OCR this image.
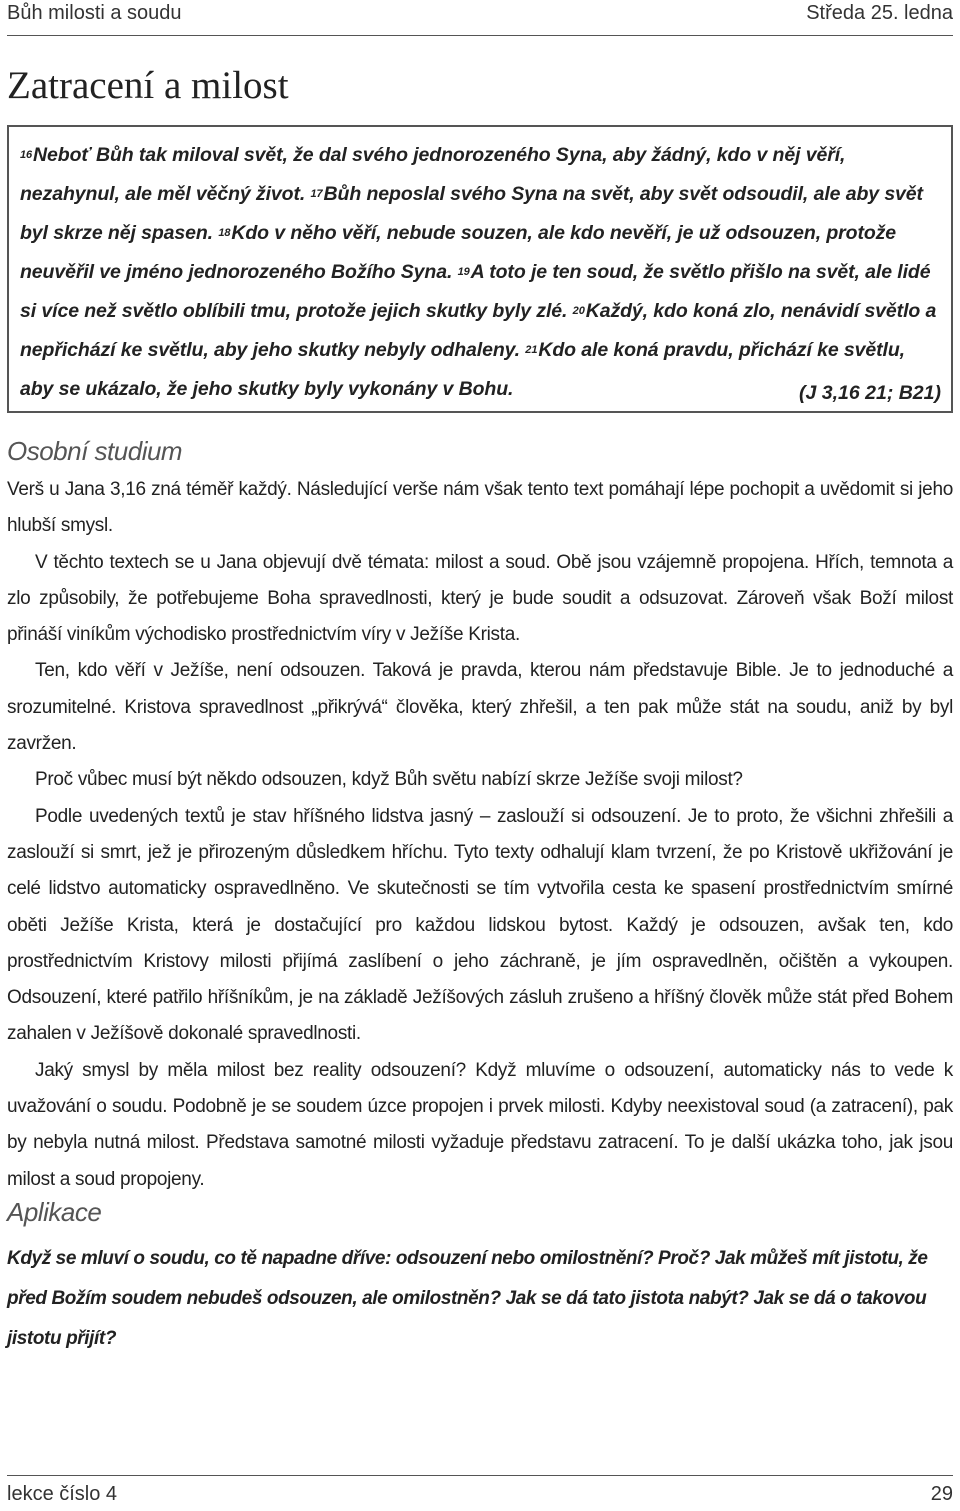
Bůh milosti a soudu	Středa 25. ledna
Zatracení a milost

$^{16}$Neboť Bůh tak miloval svět, že dal svého jednorozeného Syna, aby žádný, kdo v něj věří, nezahynul, ale měl věčný život. $^{17}$Bůh neposlal svého Syna na svět, aby svět odsoudil, ale aby svět byl skrze něj spasen. $^{18}$Kdo v něho věří, nebude souzen, ale kdo nevěří, je už odsouzen, protože neuvěřil ve jméno jednorozeného Božího Syna. $^{19}$A toto je ten soud, že světlo přišlo na svět, ale lidé si více než světlo oblíbili tmu, protože jejich skutky byly zlé. $^{20}$Každý, kdo koná zlo, nenávidí světlo a nepřichází ke světlu, aby jeho skutky nebyly odhaleny. $^{21}$Kdo ale koná pravdu, přichází ke světlu, aby se ukázalo, že jeho skutky byly vykonány v Bohu.	(J 3,16 21; B21)
Osobní studium

Verš u Jana 3,16 zná téměř každý. Následující verše nám však tento text pomáhají lépe pochopit a uvědomit si jeho hlubší smysl.

V těchto textech se u Jana objevují dvě témata: milost a soud. Obě jsou vzájemně propojena. Hřích, temnota a zlo způsobily, že potřebujeme Boha spravedlnosti, který je bude soudit a odsuzovat. Zároveň však Boží milost přináší viníkům východisko prostřednictvím víry v Ježíše Krista.

Ten, kdo věří v Ježíše, není odsouzen. Taková je pravda, kterou nám představuje Bible. Je to jednoduché a srozumitelné. Kristova spravedlnost „přikrývá“ člověka, který zhřešil, a ten pak může stát na soudu, aniž by byl zavržen.

Proč vůbec musí být někdo odsouzen, když Bůh světu nabízí skrze Ježíše svoji milost?

Podle uvedených textů je stav hříšného lidstva jasný – zaslouží si odsouzení. Je to proto, že všichni zhřešili a zaslouží si smrt, jež je přirozeným důsledkem hříchu. Tyto texty odhalují klam tvrzení, že po Kristově ukřižování je celé lidstvo automaticky ospravedlněno. Ve skutečnosti se tím vytvořila cesta ke spasení prostřednictvím smírné oběti Ježíše Krista, která je dostačující pro každou lidskou bytost. Každý je odsouzen, avšak ten, kdo prostřednictvím Kristovy milosti přijímá zaslíbení o jeho záchraně, je jím ospravedlněn, očištěn a vykoupen. Odsouzení, které patřilo hříšníkům, je na základě Ježíšových zásluh zrušeno a hříšný člověk může stát před Bohem zahalen v Ježíšově dokonalé spravedlnosti.

Jaký smysl by měla milost bez reality odsouzení? Když mluvíme o odsouzení, automaticky nás to vede k uvažování o soudu. Podobně je se soudem úzce propojen i prvek milosti. Kdyby neexistoval soud (a zatracení), pak by nebyla nutná milost. Představa samotné milosti vyžaduje představu zatracení. To je další ukázka toho, jak jsou milost a soud propojeny.

Aplikace

Když se mluví o soudu, co tě napadne dříve: odsouzení nebo omilostnění? Proč? Jak můžeš mít jistotu, že před Božím soudem nebudeš odsouzen, ale omilostněn? Jak se dá tato jistota nabýt? Jak se dá o takovou jistotu přijít?

lekce číslo 4	29
